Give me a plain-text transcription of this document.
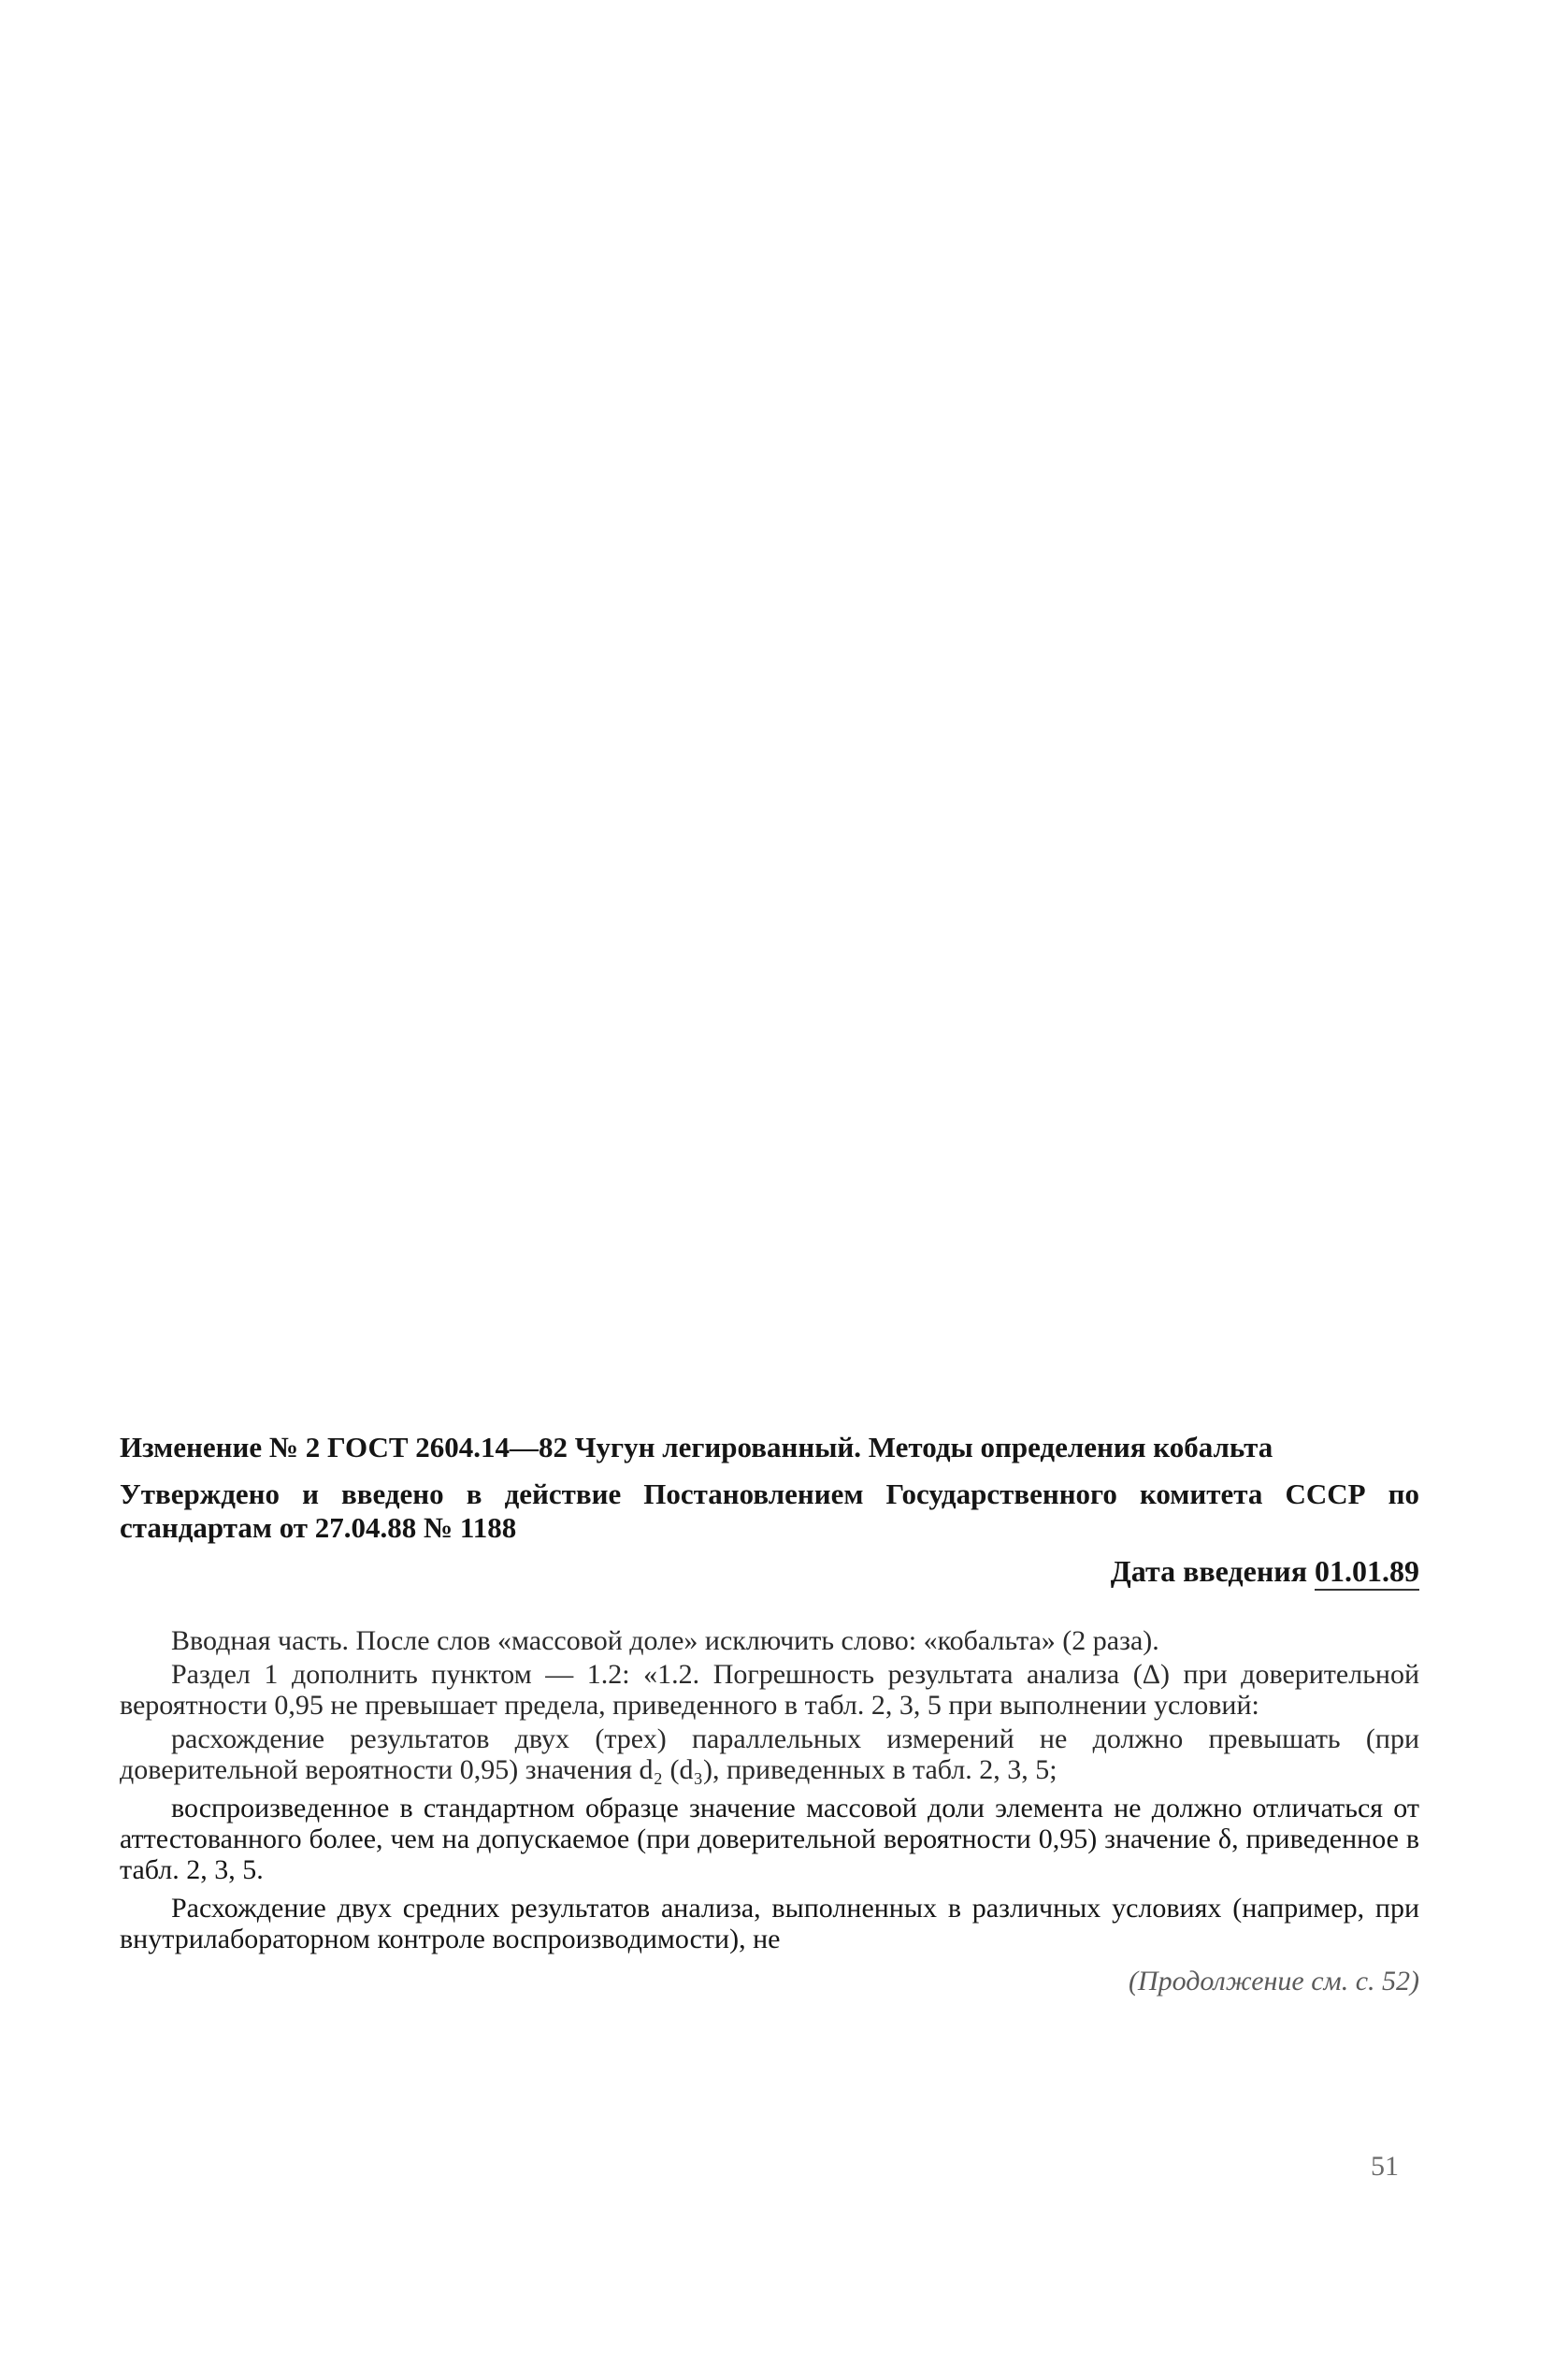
Изменение № 2 ГОСТ 2604.14—82 Чугун легированный. Методы определения кобальта
Утверждено и введено в действие Постановлением Государственного комитета СССР по стандартам от 27.04.88 № 1188
Дата введения 01.01.89

Вводная часть. После слов «массовой доле» исключить слово: «кобальта» (2 раза).

Раздел 1 дополнить пунктом — 1.2: «1.2. Погрешность результата анализа (Δ) при доверительной вероятности 0,95 не превышает предела, приведенного в табл. 2, 3, 5 при выполнении условий:

расхождение результатов двух (трех) параллельных измерений не должно превышать (при доверительной вероятности 0,95) значения d₂ (d₃), приведенных в табл. 2, 3, 5;

воспроизведенное в стандартном образце значение массовой доли элемента не должно отличаться от аттестованного более, чем на допускаемое (при доверительной вероятности 0,95) значение δ, приведенное в табл. 2, 3, 5.

Расхождение двух средних результатов анализа, выполненных в различных условиях (например, при внутрилабораторном контроле воспроизводимости), не

(Продолжение см. с. 52)
51
